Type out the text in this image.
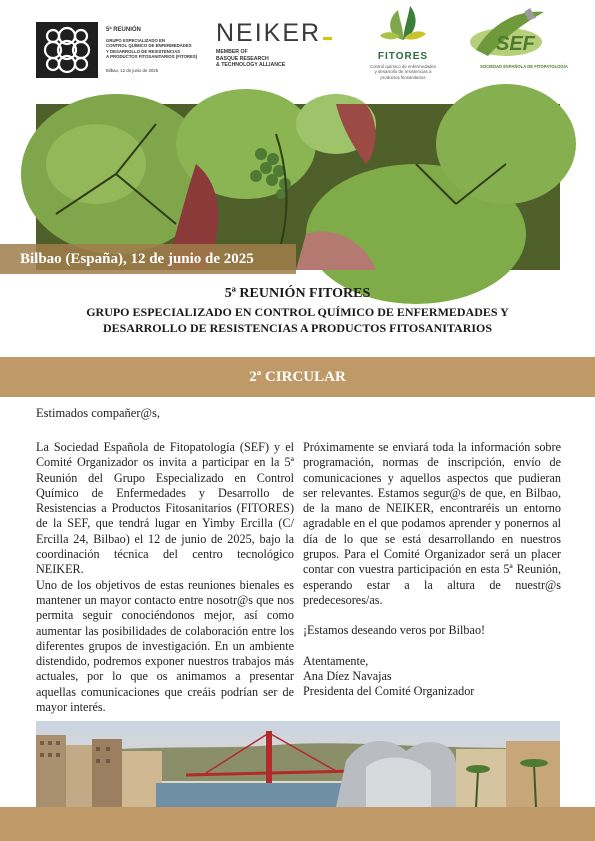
5ª REUNIÓN
GRUPO ESPECIALIZADO EN
CONTROL QUÍMICO DE ENFERMEDADES
Y DESARROLLO DE RESISTENCIAS
A PRODUCTOS FITOSANITARIOS (FITORES)
Bilbao, 12 de junio de 2025
NEIKER
MEMBER OF
BASQUE RESEARCH
& TECHNOLOGY ALLIANCE
FITORES
Control químico de enfermedades
y desarrollo de resistencias a
productos fitosanitarios
SEF
SOCIEDAD ESPAÑOLA DE FITOPATOLOGÍA
Bilbao (España), 12 de junio de 2025
5ª REUNIÓN FITORES
GRUPO ESPECIALIZADO EN CONTROL QUÍMICO DE ENFERMEDADES Y DESARROLLO DE RESISTENCIAS A PRODUCTOS FITOSANITARIOS
2ª CIRCULAR
Estimados compañer@s,

La Sociedad Española de Fitopatología (SEF) y el Comité Organizador os invita a participar en la 5ª Reunión del Grupo Especializado en Control Químico de Enfermedades y Desarrollo de Resistencias a Productos Fitosanitarios (FITORES) de la SEF, que tendrá lugar en Yimby Ercilla (C/ Ercilla 24, Bilbao) el 12 de junio de 2025, bajo la coordinación técnica del centro tecnológico NEIKER.

Uno de los objetivos de estas reuniones bienales es mantener un mayor contacto entre nosotr@s que nos permita seguir conociéndonos mejor, así como aumentar las posibilidades de colaboración entre los diferentes grupos de investigación. En un ambiente distendido, podremos exponer nuestros trabajos más actuales, por lo que os animamos a presentar aquellas comunicaciones que creáis podrían ser de mayor interés.

Próximamente se enviará toda la información sobre programación, normas de inscripción, envío de comunicaciones y aquellos aspectos que pudieran ser relevantes. Estamos segur@s de que, en Bilbao, de la mano de NEIKER, encontraréis un entorno agradable en el que podamos aprender y ponernos al día de lo que se está desarrollando en nuestros grupos. Para el Comité Organizador será un placer contar con vuestra participación en esta 5ª Reunión, esperando estar a la altura de nuestr@s predecesores/as.

¡Estamos deseando veros por Bilbao!

Atentamente,

Ana Díez Navajas

Presidenta del Comité Organizador
